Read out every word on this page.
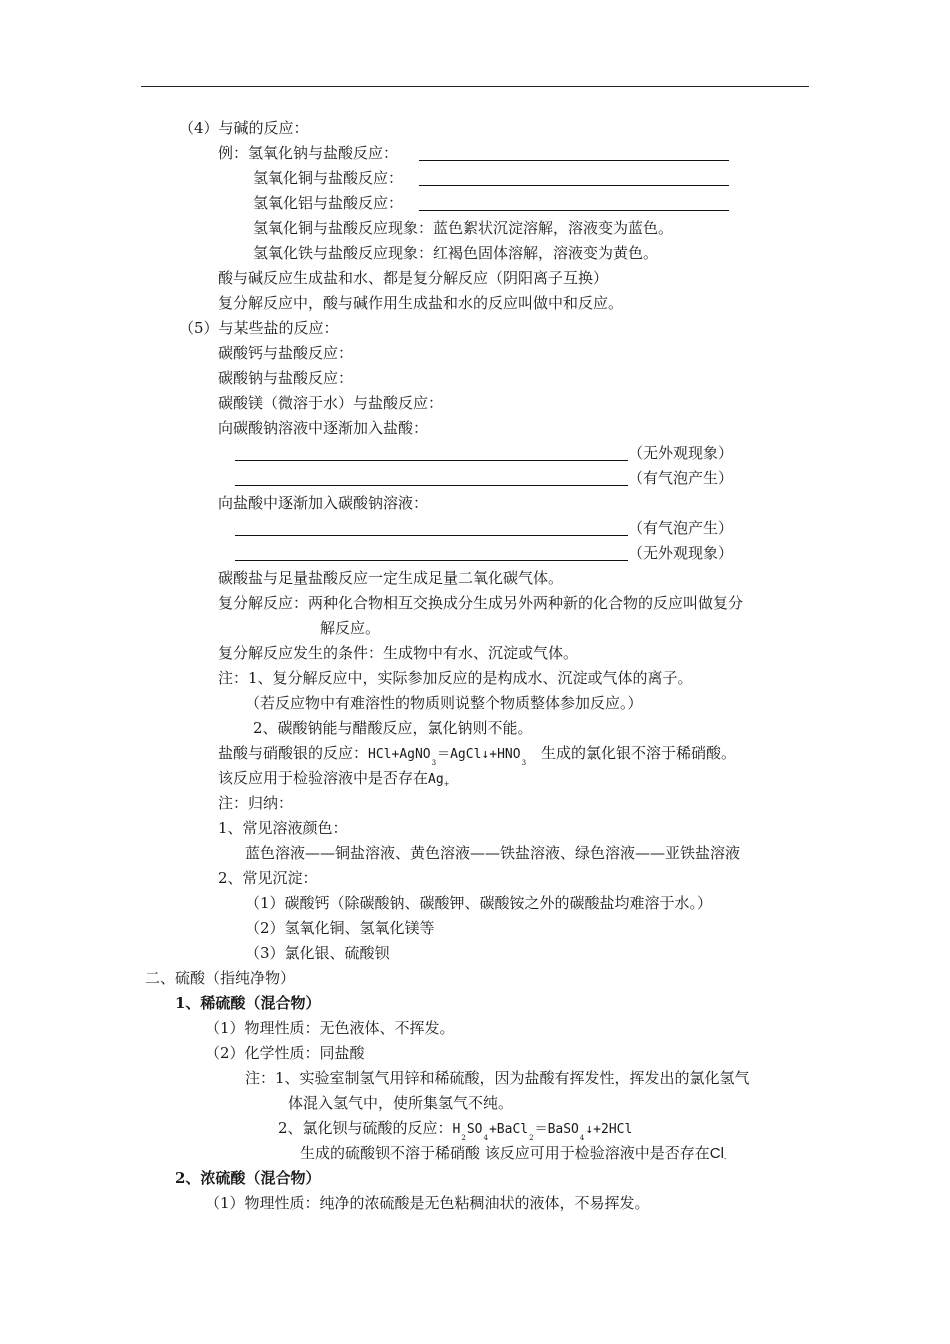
（4）与碱的反应：
例：氢氧化钠与盐酸反应：
氢氧化铜与盐酸反应：
氢氧化铝与盐酸反应：
氢氧化铜与盐酸反应现象：蓝色絮状沉淀溶解，溶液变为蓝色。
氢氧化铁与盐酸反应现象：红褐色固体溶解，溶液变为黄色。
酸与碱反应生成盐和水、都是复分解反应（阴阳离子互换）
复分解反应中，酸与碱作用生成盐和水的反应叫做中和反应。
（5）与某些盐的反应：
碳酸钙与盐酸反应：
碳酸钠与盐酸反应：
碳酸镁（微溶于水）与盐酸反应：
向碳酸钠溶液中逐渐加入盐酸：
（无外观现象）
（有气泡产生）
向盐酸中逐渐加入碳酸钠溶液：
（有气泡产生）
（无外观现象）
碳酸盐与足量盐酸反应一定生成足量二氧化碳气体。
复分解反应：两种化合物相互交换成分生成另外两种新的化合物的反应叫做复分
解反应。
复分解反应发生的条件：生成物中有水、沉淀或气体。
注：1、复分解反应中，实际参加反应的是构成水、沉淀或气体的离子。
（若反应物中有难溶性的物质则说整个物质整体参加反应。）
2、碳酸钠能与醋酸反应，氯化钠则不能。
盐酸与硝酸银的反应：$HCl+AgNO_3=AgCl↓+HNO_3$生成的氯化银不溶于稀硝酸。
该反应用于检验溶液中是否存在$Ag_+$
注：归纳：
1、常见溶液颜色：
蓝色溶液——铜盐溶液、黄色溶液——铁盐溶液、绿色溶液——亚铁盐溶液
2、常见沉淀：
（1）碳酸钙（除碳酸钠、碳酸钾、碳酸铵之外的碳酸盐均难溶于水。）
（2）氢氧化铜、氢氧化镁等
（3）氯化银、硫酸钡
二、硫酸（指纯净物）
1、稀硫酸（混合物）
（1）物理性质：无色液体、不挥发。
（2）化学性质：同盐酸
注：1、实验室制氢气用锌和稀硫酸，因为盐酸有挥发性，挥发出的氯化氢气
体混入氢气中，使所集氢气不纯。
2、氯化钡与硫酸的反应：$H_2SO_4+BaCl_2=BaSO_4↓+2HCl$
生成的硫酸钡不溶于稀硝酸 该反应可用于检验溶液中是否存在$Cl_-$
2、浓硫酸（混合物）
（1）物理性质：纯净的浓硫酸是无色粘稠油状的液体，不易挥发。
